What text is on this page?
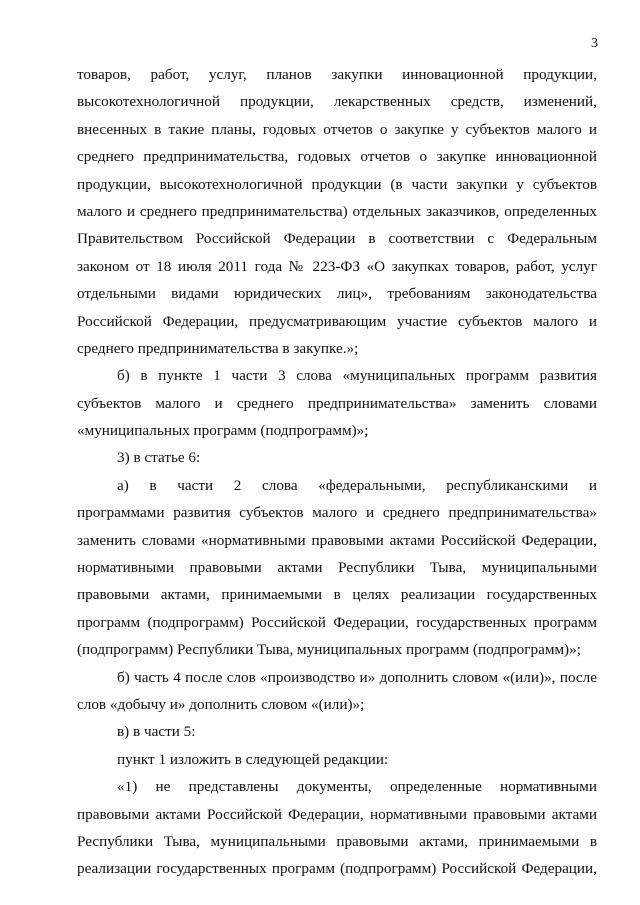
3
товаров, работ, услуг, планов закупки инновационной продукции,
высокотехнологичной продукции, лекарственных средств, изменений,
внесенных в такие планы, годовых отчетов о закупке у субъектов малого и
среднего предпринимательства, годовых отчетов о закупке инновационной
продукции, высокотехнологичной продукции (в части закупки у субъектов
малого и среднего предпринимательства) отдельных заказчиков, определенных
Правительством Российской Федерации в соответствии с Федеральным
законом от 18 июля 2011 года № 223-ФЗ «О закупках товаров, работ, услуг
отдельными видами юридических лиц», требованиям законодательства
Российской Федерации, предусматривающим участие субъектов малого и
среднего предпринимательства в закупке.»;
б) в пункте 1 части 3 слова «муниципальных программ развития
субъектов малого и среднего предпринимательства» заменить словами
«муниципальных программ (подпрограмм)»;
3) в статье 6:
а) в части 2 слова «федеральными, республиканскими и
программами развития субъектов малого и среднего предпринимательства»
заменить словами «нормативными правовыми актами Российской Федерации,
нормативными правовыми актами Республики Тыва, муниципальными
правовыми актами, принимаемыми в целях реализации государственных
программ (подпрограмм) Российской Федерации, государственных программ
(подпрограмм) Республики Тыва, муниципальных программ (подпрограмм)»;
б) часть 4 после слов «производство и» дополнить словом «(или)», после
слов «добычу и» дополнить словом «(или)»;
в) в части 5:
пункт 1 изложить в следующей редакции:
«1) не представлены документы, определенные нормативными
правовыми актами Российской Федерации, нормативными правовыми актами
Республики Тыва, муниципальными правовыми актами, принимаемыми в
реализации государственных программ (подпрограмм) Российской Федерации,
